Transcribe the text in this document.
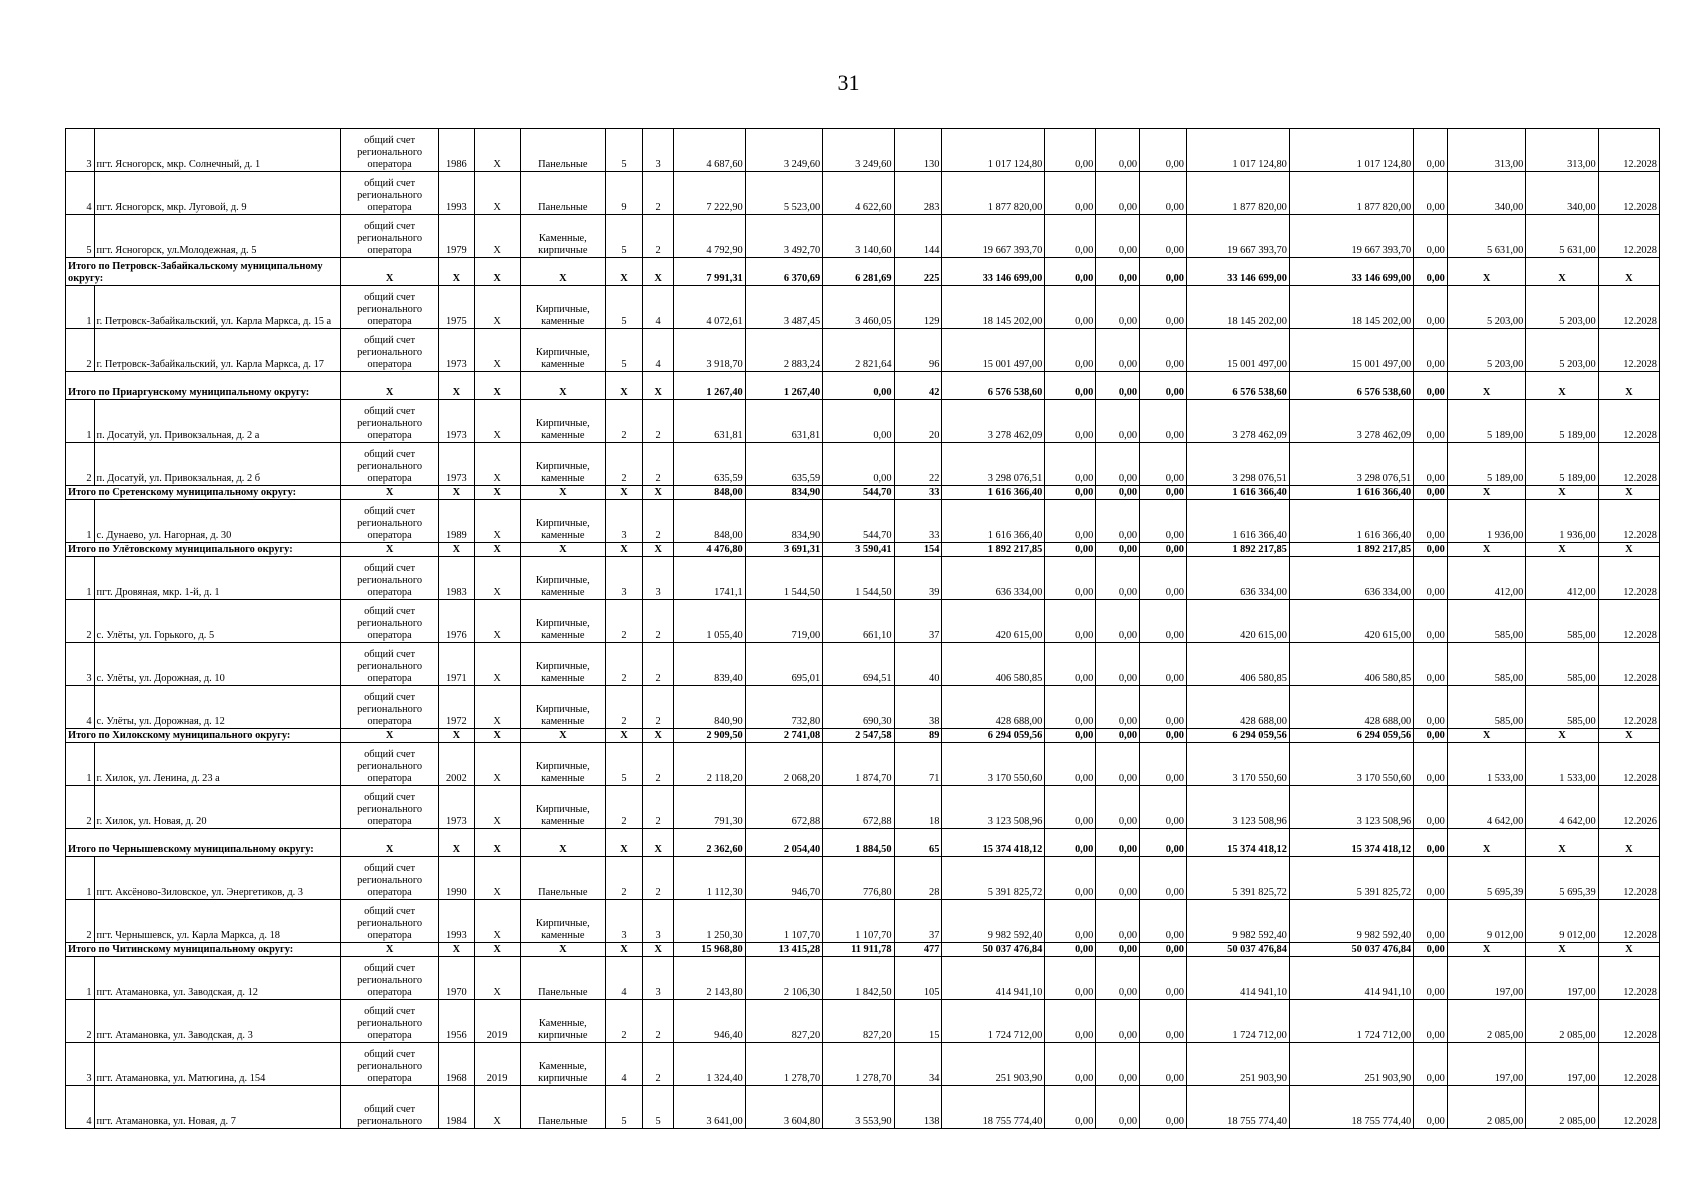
31
3	пгт. Ясногорск, мкр. Солнечный, д. 1	общий счет регионального оператора	1986	X	Панельные	5	3	4 687,60	3 249,60	3 249,60	130	1 017 124,80	0,00	0,00	0,00	1 017 124,80	1 017 124,80	0,00	313,00	313,00	12.2028
4	пгт. Ясногорск, мкр. Луговой, д. 9	общий счет регионального оператора	1993	X	Панельные	9	2	7 222,90	5 523,00	4 622,60	283	1 877 820,00	0,00	0,00	0,00	1 877 820,00	1 877 820,00	0,00	340,00	340,00	12.2028
5	пгт. Ясногорск, ул.Молодежная, д. 5	общий счет регионального оператора	1979	X	Каменные, кирпичные	5	2	4 792,90	3 492,70	3 140,60	144	19 667 393,70	0,00	0,00	0,00	19 667 393,70	19 667 393,70	0,00	5 631,00	5 631,00	12.2028
Итого по Петровск-Забайкальскому муниципальному округу:		X	X	X	X	X	X	7 991,31	6 370,69	6 281,69	225	33 146 699,00	0,00	0,00	0,00	33 146 699,00	33 146 699,00	0,00	X	X	X
1	г. Петровск-Забайкальский, ул. Карла Маркса, д. 15 а	общий счет регионального оператора	1975	X	Кирпичные, каменные	5	4	4 072,61	3 487,45	3 460,05	129	18 145 202,00	0,00	0,00	0,00	18 145 202,00	18 145 202,00	0,00	5 203,00	5 203,00	12.2028
2	г. Петровск-Забайкальский, ул. Карла Маркса, д. 17	общий счет регионального оператора	1973	X	Кирпичные, каменные	5	4	3 918,70	2 883,24	2 821,64	96	15 001 497,00	0,00	0,00	0,00	15 001 497,00	15 001 497,00	0,00	5 203,00	5 203,00	12.2028
Итого по Приаргунскому муниципальному округу:		X	X	X	X	X	X	1 267,40	1 267,40	0,00	42	6 576 538,60	0,00	0,00	0,00	6 576 538,60	6 576 538,60	0,00	X	X	X
1	п. Досатуй, ул. Привокзальная, д. 2 а	общий счет регионального оператора	1973	X	Кирпичные, каменные	2	2	631,81	631,81	0,00	20	3 278 462,09	0,00	0,00	0,00	3 278 462,09	3 278 462,09	0,00	5 189,00	5 189,00	12.2028
2	п. Досатуй, ул. Привокзальная, д. 2 б	общий счет регионального оператора	1973	X	Кирпичные, каменные	2	2	635,59	635,59	0,00	22	3 298 076,51	0,00	0,00	0,00	3 298 076,51	3 298 076,51	0,00	5 189,00	5 189,00	12.2028
Итого по Сретенскому муниципальному округу:		X	X	X	X	X	X	848,00	834,90	544,70	33	1 616 366,40	0,00	0,00	0,00	1 616 366,40	1 616 366,40	0,00	X	X	X
1	с. Дунаево, ул. Нагорная, д. 30	общий счет регионального оператора	1989	X	Кирпичные, каменные	3	2	848,00	834,90	544,70	33	1 616 366,40	0,00	0,00	0,00	1 616 366,40	1 616 366,40	0,00	1 936,00	1 936,00	12.2028
Итого по Улётовскому муниципального округу:		X	X	X	X	X	X	4 476,80	3 691,31	3 590,41	154	1 892 217,85	0,00	0,00	0,00	1 892 217,85	1 892 217,85	0,00	X	X	X
1	пгт. Дровяная, мкр. 1-й, д. 1	общий счет регионального оператора	1983	X	Кирпичные, каменные	3	3	1741,1	1 544,50	1 544,50	39	636 334,00	0,00	0,00	0,00	636 334,00	636 334,00	0,00	412,00	412,00	12.2028
2	с. Улёты, ул. Горького, д. 5	общий счет регионального оператора	1976	X	Кирпичные, каменные	2	2	1 055,40	719,00	661,10	37	420 615,00	0,00	0,00	0,00	420 615,00	420 615,00	0,00	585,00	585,00	12.2028
3	с. Улёты, ул. Дорожная, д. 10	общий счет регионального оператора	1971	X	Кирпичные, каменные	2	2	839,40	695,01	694,51	40	406 580,85	0,00	0,00	0,00	406 580,85	406 580,85	0,00	585,00	585,00	12.2028
4	с. Улёты, ул. Дорожная, д. 12	общий счет регионального оператора	1972	X	Кирпичные, каменные	2	2	840,90	732,80	690,30	38	428 688,00	0,00	0,00	0,00	428 688,00	428 688,00	0,00	585,00	585,00	12.2028
Итого по Хилокскому муниципального округу:		X	X	X	X	X	X	2 909,50	2 741,08	2 547,58	89	6 294 059,56	0,00	0,00	0,00	6 294 059,56	6 294 059,56	0,00	X	X	X
1	г. Хилок, ул. Ленина, д. 23 а	общий счет регионального оператора	2002	X	Кирпичные, каменные	5	2	2 118,20	2 068,20	1 874,70	71	3 170 550,60	0,00	0,00	0,00	3 170 550,60	3 170 550,60	0,00	1 533,00	1 533,00	12.2028
2	г. Хилок, ул. Новая, д. 20	общий счет регионального оператора	1973	X	Кирпичные, каменные	2	2	791,30	672,88	672,88	18	3 123 508,96	0,00	0,00	0,00	3 123 508,96	3 123 508,96	0,00	4 642,00	4 642,00	12.2026
Итого по Чернышевскому муниципальному округу:		X	X	X	X	X	X	2 362,60	2 054,40	1 884,50	65	15 374 418,12	0,00	0,00	0,00	15 374 418,12	15 374 418,12	0,00	X	X	X
1	пгт. Аксёново-Зиловское, ул. Энергетиков, д. 3	общий счет регионального оператора	1990	X	Панельные	2	2	1 112,30	946,70	776,80	28	5 391 825,72	0,00	0,00	0,00	5 391 825,72	5 391 825,72	0,00	5 695,39	5 695,39	12.2028
2	пгт. Чернышевск, ул. Карла Маркса, д. 18	общий счет регионального оператора	1993	X	Кирпичные, каменные	3	3	1 250,30	1 107,70	1 107,70	37	9 982 592,40	0,00	0,00	0,00	9 982 592,40	9 982 592,40	0,00	9 012,00	9 012,00	12.2028
Итого по Читинскому муниципальному округу:		X	X	X	X	X	X	15 968,80	13 415,28	11 911,78	477	50 037 476,84	0,00	0,00	0,00	50 037 476,84	50 037 476,84	0,00	X	X	X
1	пгт. Атамановка, ул. Заводская, д. 12	общий счет регионального оператора	1970	X	Панельные	4	3	2 143,80	2 106,30	1 842,50	105	414 941,10	0,00	0,00	0,00	414 941,10	414 941,10	0,00	197,00	197,00	12.2028
2	пгт. Атамановка, ул. Заводская, д. 3	общий счет регионального оператора	1956	2019	Каменные, кирпичные	2	2	946,40	827,20	827,20	15	1 724 712,00	0,00	0,00	0,00	1 724 712,00	1 724 712,00	0,00	2 085,00	2 085,00	12.2028
3	пгт. Атамановка, ул. Матюгина, д. 154	общий счет регионального оператора	1968	2019	Каменные, кирпичные	4	2	1 324,40	1 278,70	1 278,70	34	251 903,90	0,00	0,00	0,00	251 903,90	251 903,90	0,00	197,00	197,00	12.2028
4	пгт. Атамановка, ул. Новая, д. 7	общий счет регионального	1984	X	Панельные	5	5	3 641,00	3 604,80	3 553,90	138	18 755 774,40	0,00	0,00	0,00	18 755 774,40	18 755 774,40	0,00	2 085,00	2 085,00	12.2028
